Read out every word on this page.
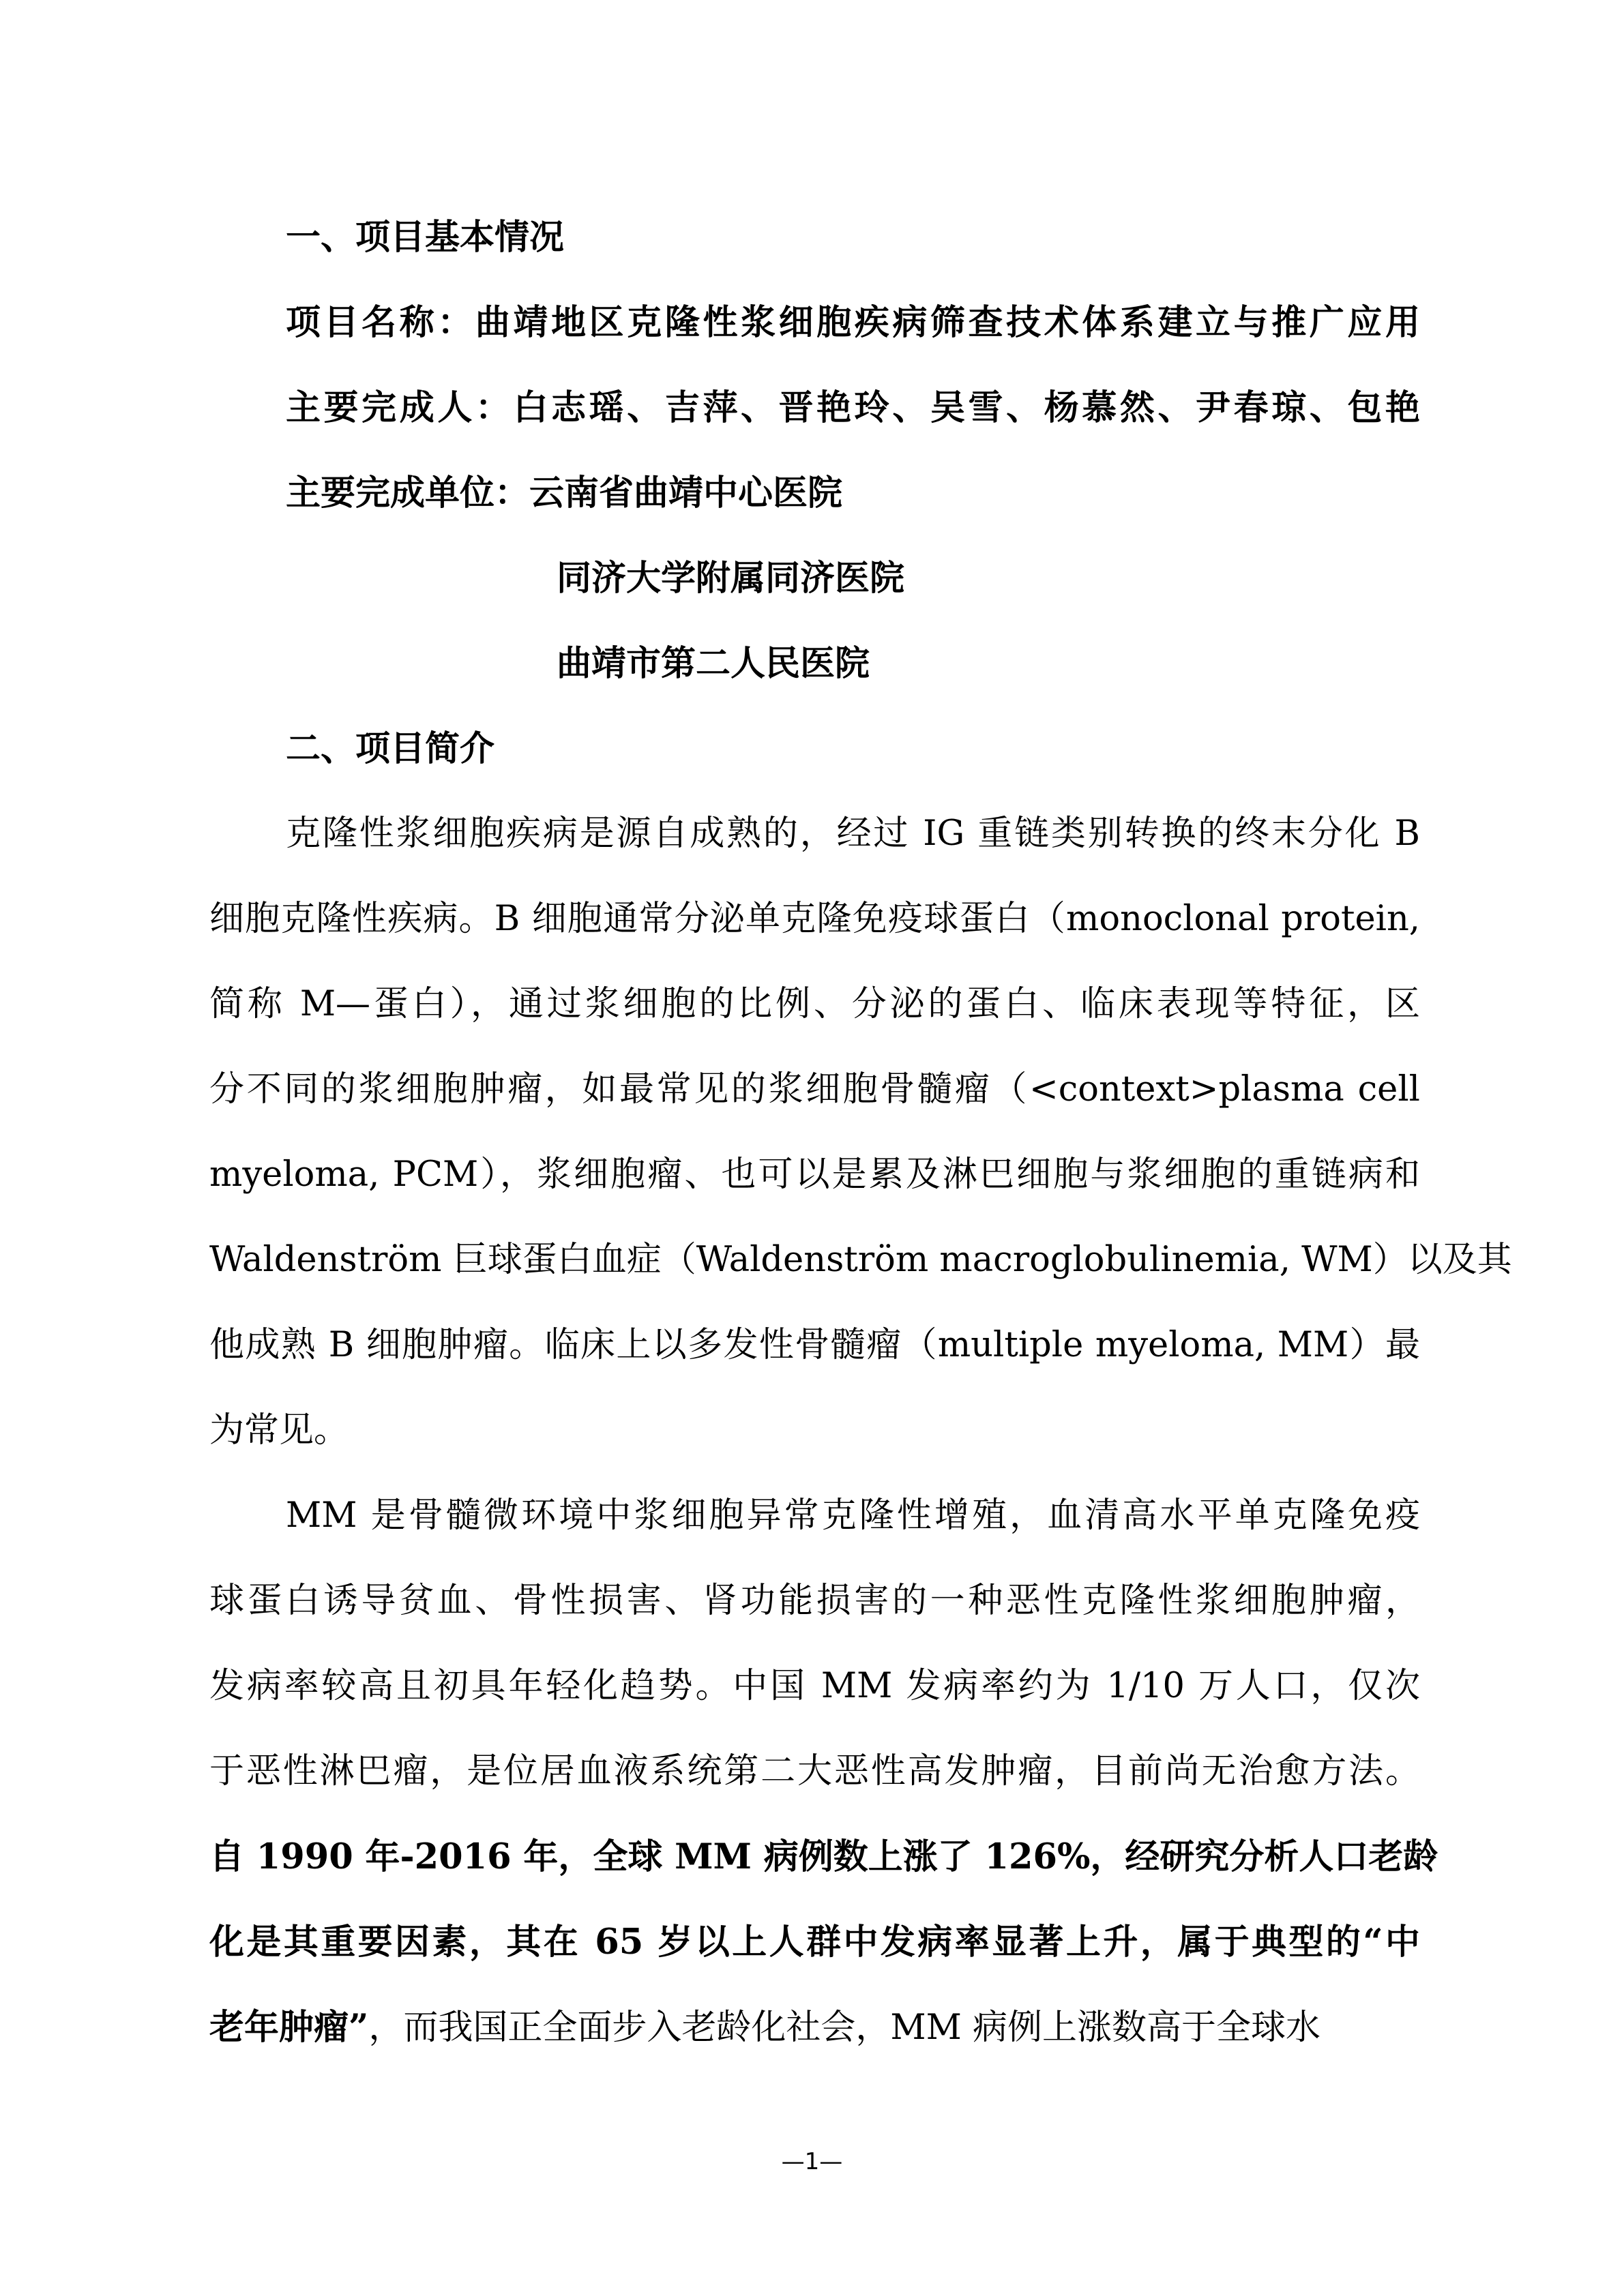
一、项目基本情况

项目名称：曲靖地区克隆性浆细胞疾病筛查技术体系建立与推广应用

主要完成人：白志瑶、吉萍、晋艳玲、吴雪、杨慕然、尹春琼、包艳

主要完成单位：云南省曲靖中心医院

同济大学附属同济医院

曲靖市第二人民医院

二、项目简介

克隆性浆细胞疾病是源自成熟的，经过 IG 重链类别转换的终末分化 B

细胞克隆性疾病。B 细胞通常分泌单克隆免疫球蛋白（monoclonal protein,

简称 M—蛋白），通过浆细胞的比例、分泌的蛋白、临床表现等特征，区

分不同的浆细胞肿瘤，如最常见的浆细胞骨髓瘤（<context>plasma cell

myeloma, PCM），浆细胞瘤、也可以是累及淋巴细胞与浆细胞的重链病和

Waldenström 巨球蛋白血症（Waldenström macroglobulinemia, WM）以及其

他成熟 B 细胞肿瘤。临床上以多发性骨髓瘤（multiple myeloma, MM）最

为常见。

MM 是骨髓微环境中浆细胞异常克隆性增殖，血清高水平单克隆免疫

球蛋白诱导贫血、骨性损害、肾功能损害的一种恶性克隆性浆细胞肿瘤，

发病率较高且初具年轻化趋势。中国 MM 发病率约为 1/10 万人口，仅次

于恶性淋巴瘤，是位居血液系统第二大恶性高发肿瘤，目前尚无治愈方法。

自 1990 年-2016 年，全球 MM 病例数上涨了 126%，经研究分析人口老龄

化是其重要因素，其在 65 岁以上人群中发病率显著上升，属于典型的“中

老年肿瘤”，而我国正全面步入老龄化社会，MM 病例上涨数高于全球水

—1—
